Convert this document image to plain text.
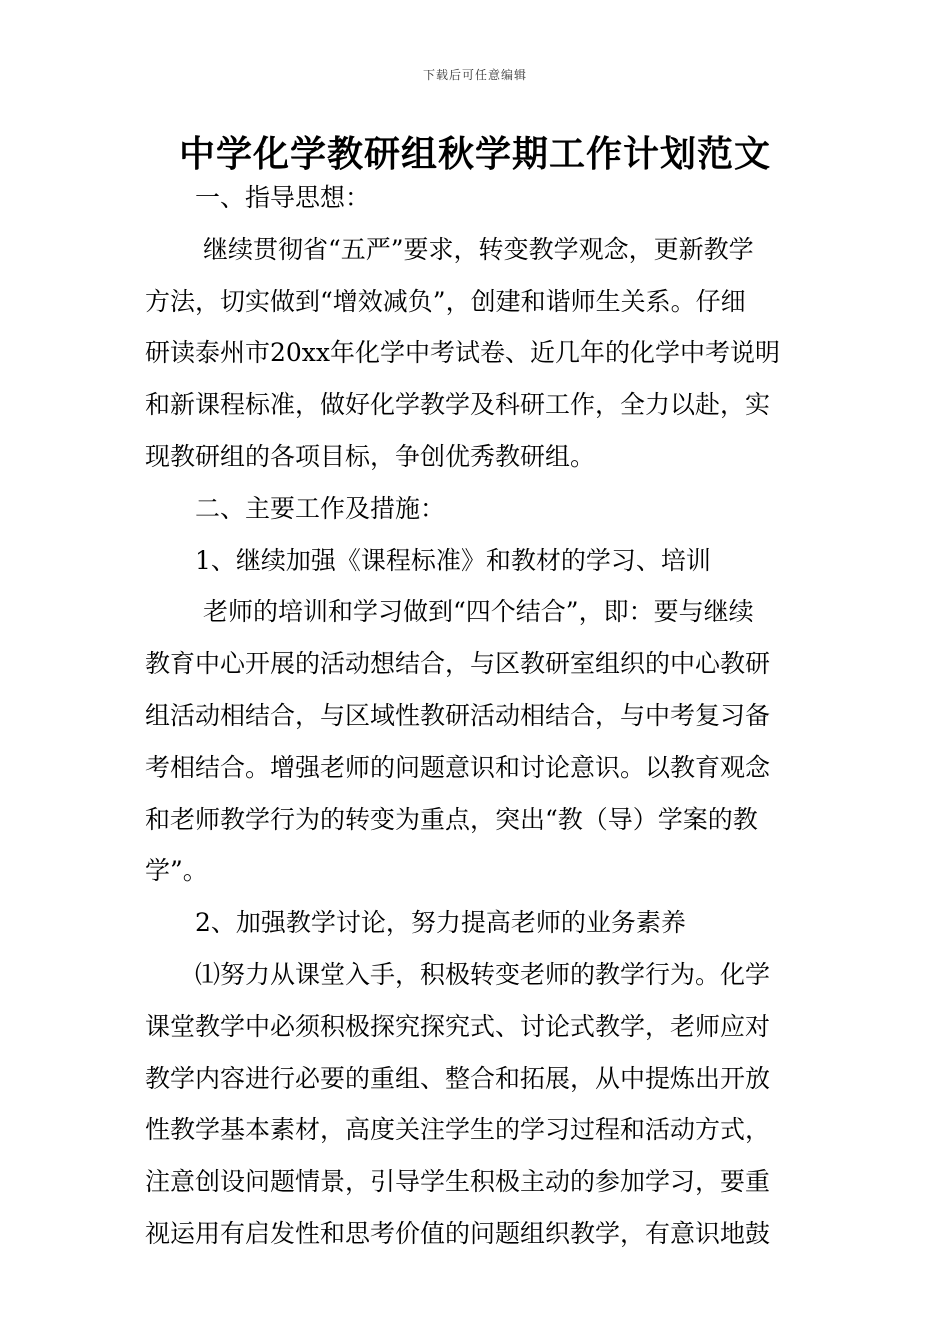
下载后可任意编辑
中学化学教研组秋学期工作计划范文
一、指导思想：
继续贯彻省“五严”要求，转变教学观念，更新教学
方法，切实做到“增效减负”，创建和谐师生关系。仔细
研读泰州市20xx年化学中考试卷、近几年的化学中考说明
和新课程标准，做好化学教学及科研工作，全力以赴，实
现教研组的各项目标，争创优秀教研组。
二、主要工作及措施：
1、继续加强《课程标准》和教材的学习、培训
老师的培训和学习做到“四个结合”，即：要与继续
教育中心开展的活动想结合，与区教研室组织的中心教研
组活动相结合，与区域性教研活动相结合，与中考复习备
考相结合。增强老师的问题意识和讨论意识。以教育观念
和老师教学行为的转变为重点，突出“教（导）学案的教
学”。
2、加强教学讨论，努力提高老师的业务素养
⑴努力从课堂入手，积极转变老师的教学行为。化学
课堂教学中必须积极探究探究式、讨论式教学，老师应对
教学内容进行必要的重组、整合和拓展，从中提炼出开放
性教学基本素材，高度关注学生的学习过程和活动方式，
注意创设问题情景，引导学生积极主动的参加学习，要重
视运用有启发性和思考价值的问题组织教学，有意识地鼓
